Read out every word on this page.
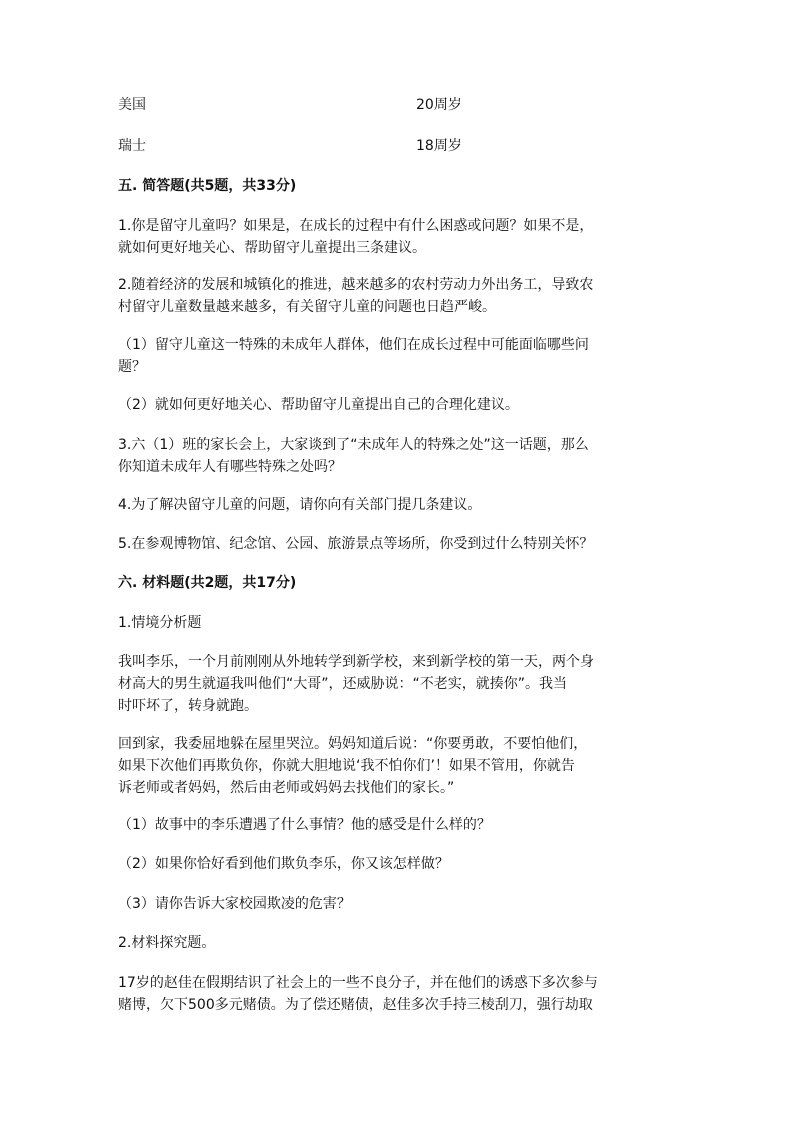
美国	20周岁
瑞士	18周岁
五. 简答题(共5题，共33分)
1.你是留守儿童吗？如果是，在成长的过程中有什么困惑或问题？如果不是，
就如何更好地关心、帮助留守儿童提出三条建议。
2.随着经济的发展和城镇化的推进，越来越多的农村劳动力外出务工，导致农
村留守儿童数量越来越多，有关留守儿童的问题也日趋严峻。
（1）留守儿童这一特殊的未成年人群体，他们在成长过程中可能面临哪些问
题？
（2）就如何更好地关心、帮助留守儿童提出自己的合理化建议。
3.六（1）班的家长会上，大家谈到了“未成年人的特殊之处”这一话题，那么
你知道未成年人有哪些特殊之处吗？
4.为了解决留守儿童的问题，请你向有关部门提几条建议。
5.在参观博物馆、纪念馆、公园、旅游景点等场所，你受到过什么特别关怀？
六. 材料题(共2题，共17分)
1.情境分析题
我叫李乐，一个月前刚刚从外地转学到新学校，来到新学校的第一天，两个身
材高大的男生就逼我叫他们“大哥”，还威胁说：“不老实，就揍你”。我当
时吓坏了，转身就跑。
回到家，我委屈地躲在屋里哭泣。妈妈知道后说：“你要勇敢，不要怕他们，
如果下次他们再欺负你，你就大胆地说‘我不怕你们’！如果不管用，你就告
诉老师或者妈妈，然后由老师或妈妈去找他们的家长。”
（1）故事中的李乐遭遇了什么事情？他的感受是什么样的？
（2）如果你恰好看到他们欺负李乐，你又该怎样做？
（3）请你告诉大家校园欺凌的危害？
2.材料探究题。
17岁的赵佳在假期结识了社会上的一些不良分子，并在他们的诱惑下多次参与
赌博，欠下500多元赌债。为了偿还赌债，赵佳多次手持三棱刮刀，强行劫取
